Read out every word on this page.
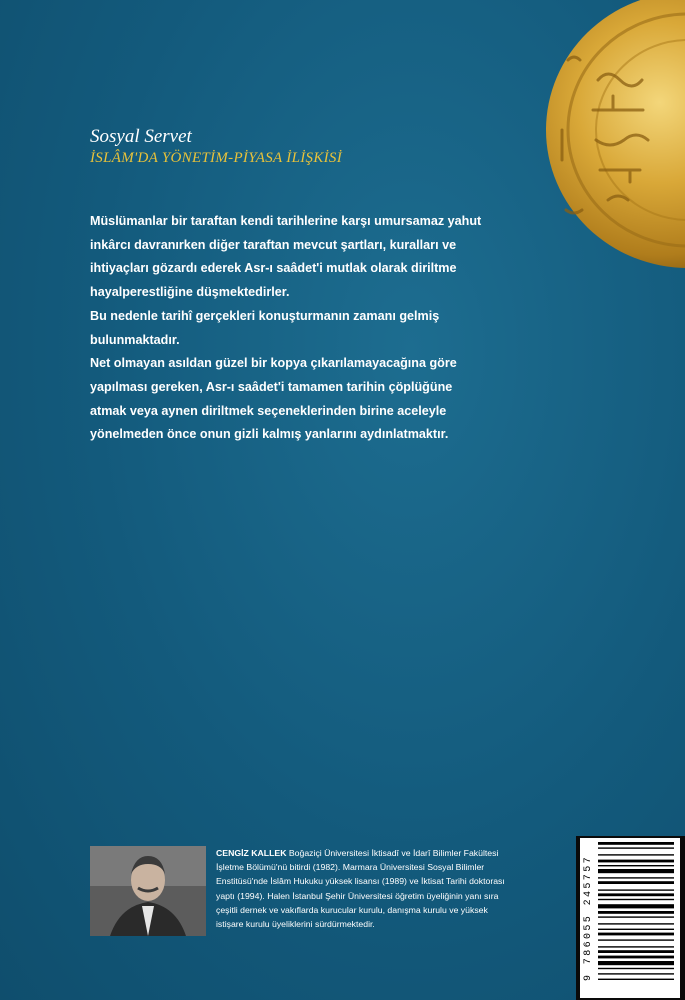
Sosyal Servet
İSLÂM'DA YÖNETİM-PİYASA İLİŞKİSİ

Müslümanlar bir taraftan kendi tarihlerine karşı umursamaz yahut inkârcı davranırken diğer taraftan mevcut şartları, kuralları ve ihtiyaçları gözardı ederek Asr-ı saâdet'i mutlak olarak diriltme hayalperestliğine düşmektedirler.

Bu nedenle tarihî gerçekleri konuşturmanın zamanı gelmiş bulunmaktadır.

Net olmayan asıldan güzel bir kopya çıkarılamayacağına göre yapılması gereken, Asr-ı saâdet'i tamamen tarihin çöplüğüne atmak veya aynen diriltmek seçeneklerinden birine aceleyle yönelmeden önce onun gizli kalmış yanlarını aydınlatmaktır.

CENGİZ KALLEK Boğaziçi Üniversitesi İktisadî ve İdarî Bilimler Fakültesi İşletme Bölümü'nü bitirdi (1982). Marmara Üniversitesi Sosyal Bilimler Enstitüsü'nde İslâm Hukuku yüksek lisansı (1989) ve İktisat Tarihi doktorası yaptı (1994). Halen İstanbul Şehir Üniversitesi öğretim üyeliğinin yanı sıra çeşitli dernek ve vakıflarda kurucular kurulu, danışma kurulu ve yüksek istişare kurulu üyeliklerini sürdürmektedir.	9 786055 245757
